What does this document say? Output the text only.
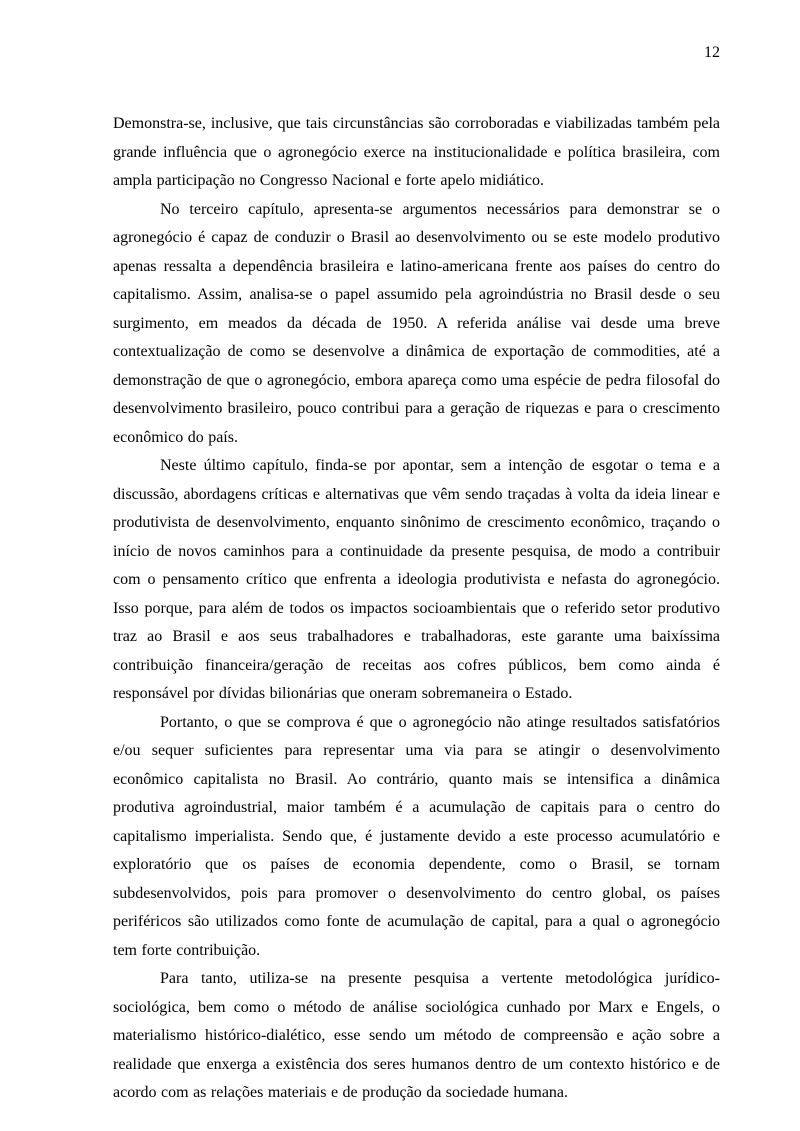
12

Demonstra-se, inclusive, que tais circunstâncias são corroboradas e viabilizadas também pela grande influência que o agronegócio exerce na institucionalidade e política brasileira, com ampla participação no Congresso Nacional e forte apelo midiático.

No terceiro capítulo, apresenta-se argumentos necessários para demonstrar se o agronegócio é capaz de conduzir o Brasil ao desenvolvimento ou se este modelo produtivo apenas ressalta a dependência brasileira e latino-americana frente aos países do centro do capitalismo. Assim, analisa-se o papel assumido pela agroindústria no Brasil desde o seu surgimento, em meados da década de 1950. A referida análise vai desde uma breve contextualização de como se desenvolve a dinâmica de exportação de commodities, até a demonstração de que o agronegócio, embora apareça como uma espécie de pedra filosofal do desenvolvimento brasileiro, pouco contribui para a geração de riquezas e para o crescimento econômico do país.

Neste último capítulo, finda-se por apontar, sem a intenção de esgotar o tema e a discussão, abordagens críticas e alternativas que vêm sendo traçadas à volta da ideia linear e produtivista de desenvolvimento, enquanto sinônimo de crescimento econômico, traçando o início de novos caminhos para a continuidade da presente pesquisa, de modo a contribuir com o pensamento crítico que enfrenta a ideologia produtivista e nefasta do agronegócio. Isso porque, para além de todos os impactos socioambientais que o referido setor produtivo traz ao Brasil e aos seus trabalhadores e trabalhadoras, este garante uma baixíssima contribuição financeira/geração de receitas aos cofres públicos, bem como ainda é responsável por dívidas bilionárias que oneram sobremaneira o Estado.

Portanto, o que se comprova é que o agronegócio não atinge resultados satisfatórios e/ou sequer suficientes para representar uma via para se atingir o desenvolvimento econômico capitalista no Brasil. Ao contrário, quanto mais se intensifica a dinâmica produtiva agroindustrial, maior também é a acumulação de capitais para o centro do capitalismo imperialista. Sendo que, é justamente devido a este processo acumulatório e exploratório que os países de economia dependente, como o Brasil, se tornam subdesenvolvidos, pois para promover o desenvolvimento do centro global, os países periféricos são utilizados como fonte de acumulação de capital, para a qual o agronegócio tem forte contribuição.

Para tanto, utiliza-se na presente pesquisa a vertente metodológica jurídico-sociológica, bem como o método de análise sociológica cunhado por Marx e Engels, o materialismo histórico-dialético, esse sendo um método de compreensão e ação sobre a realidade que enxerga a existência dos seres humanos dentro de um contexto histórico e de acordo com as relações materiais e de produção da sociedade humana.
